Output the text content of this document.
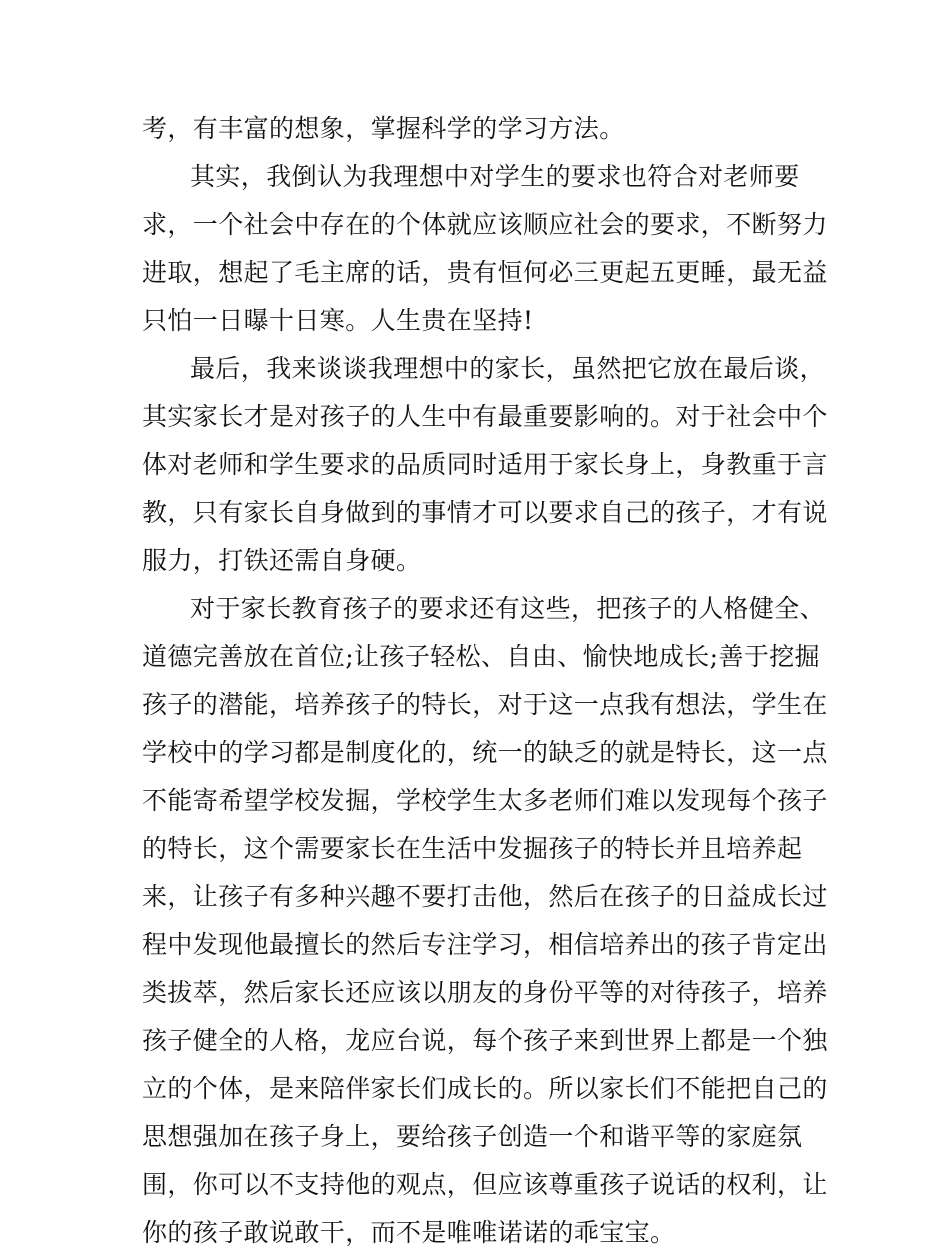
考，有丰富的想象，掌握科学的学习方法。
其实，我倒认为我理想中对学生的要求也符合对老师要
求，一个社会中存在的个体就应该顺应社会的要求，不断努力
进取，想起了毛主席的话，贵有恒何必三更起五更睡，最无益
只怕一日曝十日寒。人生贵在坚持!
最后，我来谈谈我理想中的家长，虽然把它放在最后谈，
其实家长才是对孩子的人生中有最重要影响的。对于社会中个
体对老师和学生要求的品质同时适用于家长身上，身教重于言
教，只有家长自身做到的事情才可以要求自己的孩子，才有说
服力，打铁还需自身硬。
对于家长教育孩子的要求还有这些，把孩子的人格健全、
道德完善放在首位;让孩子轻松、自由、愉快地成长;善于挖掘
孩子的潜能，培养孩子的特长，对于这一点我有想法，学生在
学校中的学习都是制度化的，统一的缺乏的就是特长，这一点
不能寄希望学校发掘，学校学生太多老师们难以发现每个孩子
的特长，这个需要家长在生活中发掘孩子的特长并且培养起
来，让孩子有多种兴趣不要打击他，然后在孩子的日益成长过
程中发现他最擅长的然后专注学习，相信培养出的孩子肯定出
类拔萃，然后家长还应该以朋友的身份平等的对待孩子，培养
孩子健全的人格，龙应台说，每个孩子来到世界上都是一个独
立的个体，是来陪伴家长们成长的。所以家长们不能把自己的
思想强加在孩子身上，要给孩子创造一个和谐平等的家庭氛
围，你可以不支持他的观点，但应该尊重孩子说话的权利，让
你的孩子敢说敢干，而不是唯唯诺诺的乖宝宝。
